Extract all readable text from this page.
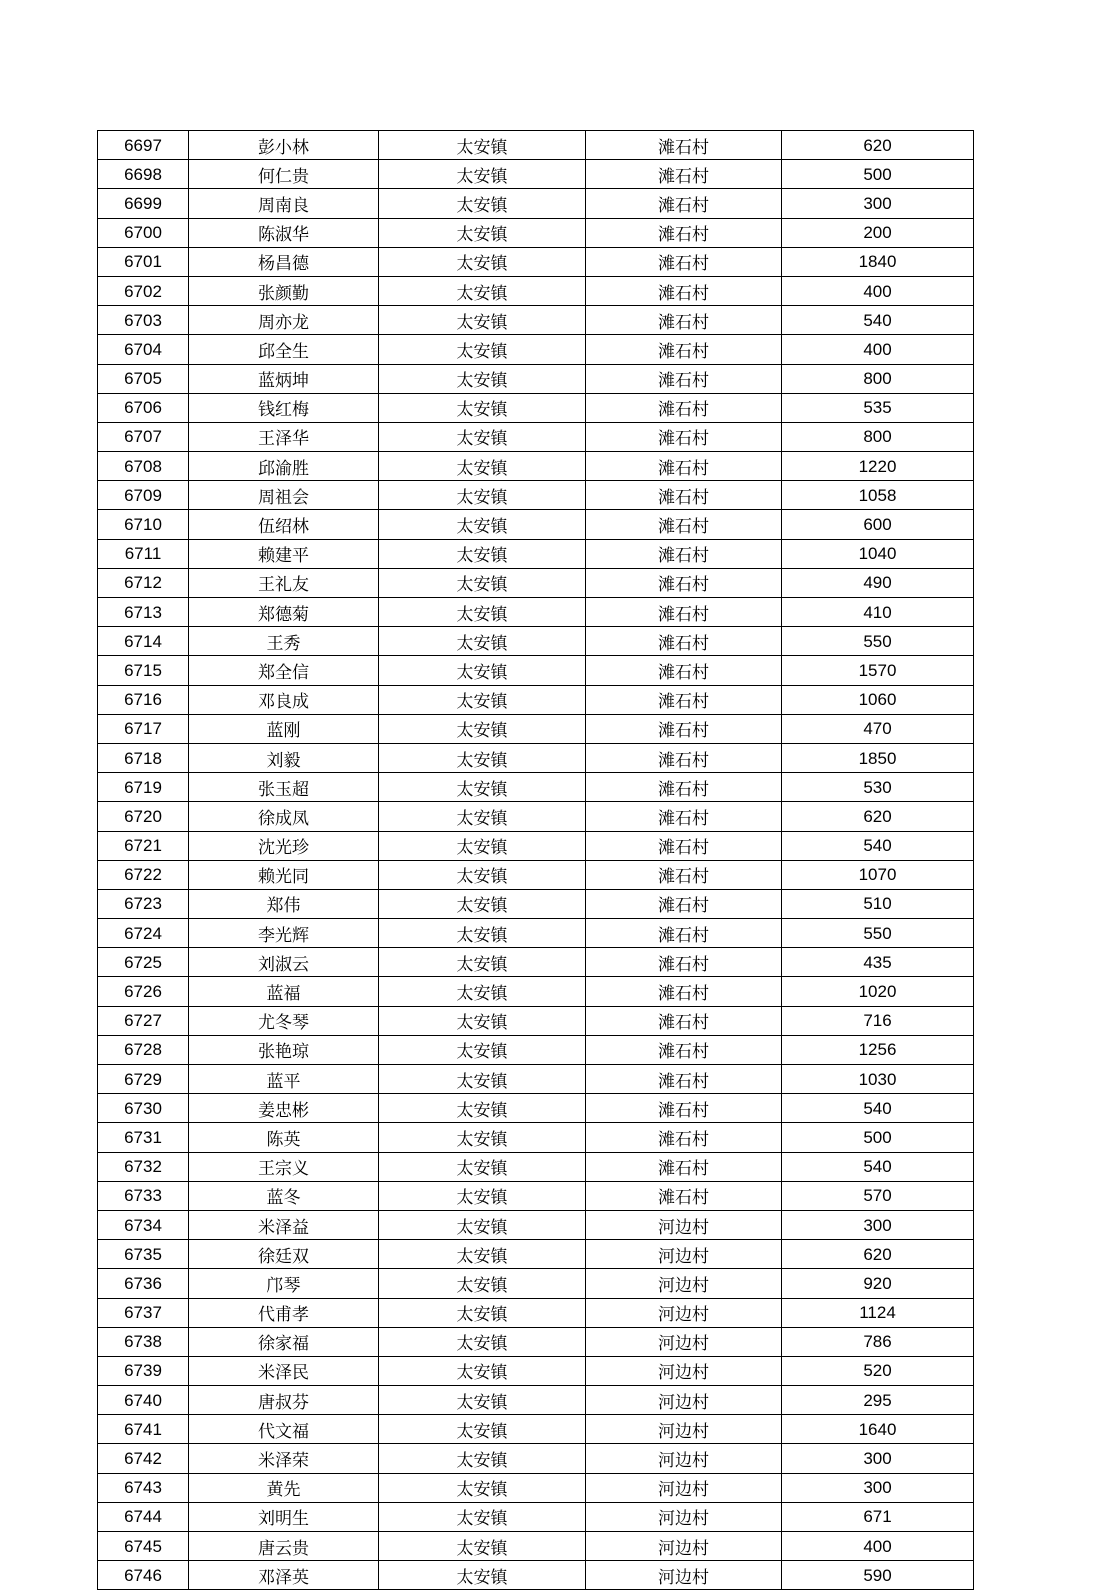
6697	彭小林	太安镇	滩石村	620
6698	何仁贵	太安镇	滩石村	500
6699	周南良	太安镇	滩石村	300
6700	陈淑华	太安镇	滩石村	200
6701	杨昌德	太安镇	滩石村	1840
6702	张颜勤	太安镇	滩石村	400
6703	周亦龙	太安镇	滩石村	540
6704	邱全生	太安镇	滩石村	400
6705	蓝炳坤	太安镇	滩石村	800
6706	钱红梅	太安镇	滩石村	535
6707	王泽华	太安镇	滩石村	800
6708	邱渝胜	太安镇	滩石村	1220
6709	周祖会	太安镇	滩石村	1058
6710	伍绍林	太安镇	滩石村	600
6711	赖建平	太安镇	滩石村	1040
6712	王礼友	太安镇	滩石村	490
6713	郑德菊	太安镇	滩石村	410
6714	王秀	太安镇	滩石村	550
6715	郑全信	太安镇	滩石村	1570
6716	邓良成	太安镇	滩石村	1060
6717	蓝刚	太安镇	滩石村	470
6718	刘毅	太安镇	滩石村	1850
6719	张玉超	太安镇	滩石村	530
6720	徐成凤	太安镇	滩石村	620
6721	沈光珍	太安镇	滩石村	540
6722	赖光同	太安镇	滩石村	1070
6723	郑伟	太安镇	滩石村	510
6724	李光辉	太安镇	滩石村	550
6725	刘淑云	太安镇	滩石村	435
6726	蓝福	太安镇	滩石村	1020
6727	尤冬琴	太安镇	滩石村	716
6728	张艳琼	太安镇	滩石村	1256
6729	蓝平	太安镇	滩石村	1030
6730	姜忠彬	太安镇	滩石村	540
6731	陈英	太安镇	滩石村	500
6732	王宗义	太安镇	滩石村	540
6733	蓝冬	太安镇	滩石村	570
6734	米泽益	太安镇	河边村	300
6735	徐廷双	太安镇	河边村	620
6736	邝琴	太安镇	河边村	920
6737	代甫孝	太安镇	河边村	1124
6738	徐家福	太安镇	河边村	786
6739	米泽民	太安镇	河边村	520
6740	唐叔芬	太安镇	河边村	295
6741	代文福	太安镇	河边村	1640
6742	米泽荣	太安镇	河边村	300
6743	黄先	太安镇	河边村	300
6744	刘明生	太安镇	河边村	671
6745	唐云贵	太安镇	河边村	400
6746	邓泽英	太安镇	河边村	590
